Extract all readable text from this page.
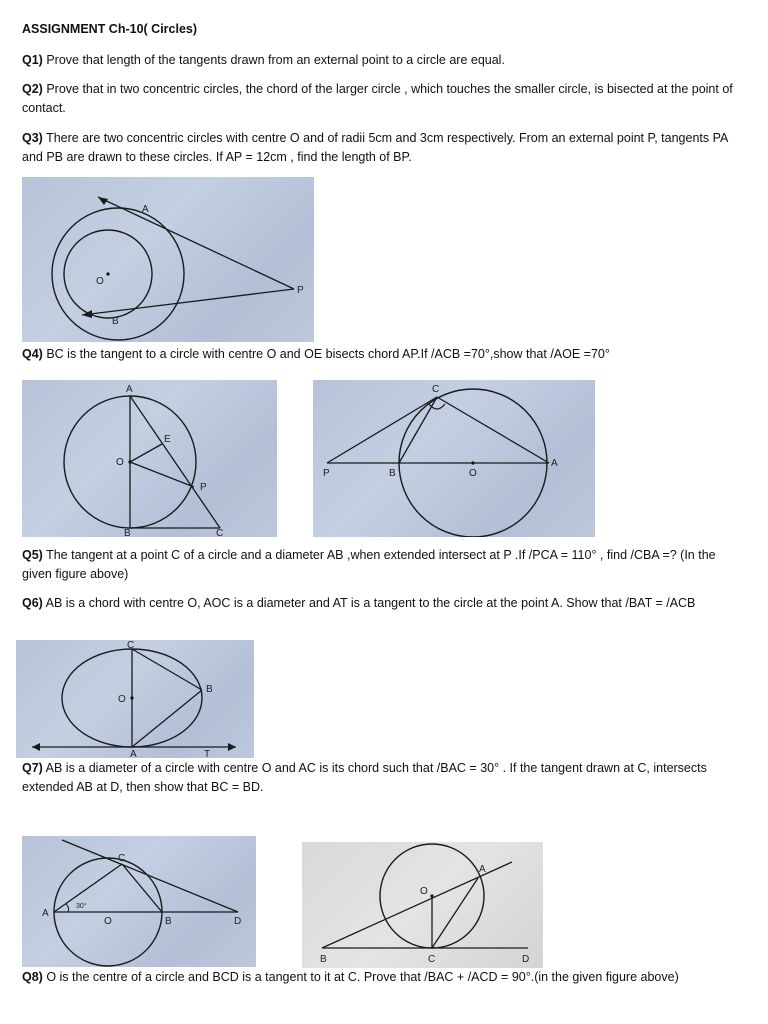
ASSIGNMENT Ch-10( Circles)
Q1) Prove that length of the tangents drawn from an external point to a circle are equal.
Q2) Prove that in two concentric circles, the chord of the larger circle , which touches the smaller circle, is bisected at the point of contact.
Q3) There are two concentric circles with centre O and of radii 5cm and 3cm respectively. From an external point P, tangents PA and PB are drawn to these circles. If AP = 12cm , find the length of BP.
A
O
P
B
Q4) BC is the tangent to a circle with centre O and OE bisects chord AP.If /ACB =70°,show that /AOE =70°
A
E
O
P
B	C
C
P	B	O
A
Q5) The tangent at a point C of a circle and a diameter AB ,when extended intersect at P .If /PCA = 110° , find /CBA =? (In the given figure above)
Q6) AB is a chord with centre O, AOC is a diameter and AT is a tangent to the circle at the point A. Show that /BAT = /ACB
C
B
O
A	T
Q7) AB is a diameter of a circle with centre O and AC is its chord such that /BAC = 30° . If the tangent drawn at C, intersects extended AB at D, then show that BC = BD.
A
C
O	B	D
30°
A
O
B	C	D
Q8) O is the centre of a circle and BCD is a tangent to it at C. Prove that /BAC + /ACD = 90°.(in the given figure above)
